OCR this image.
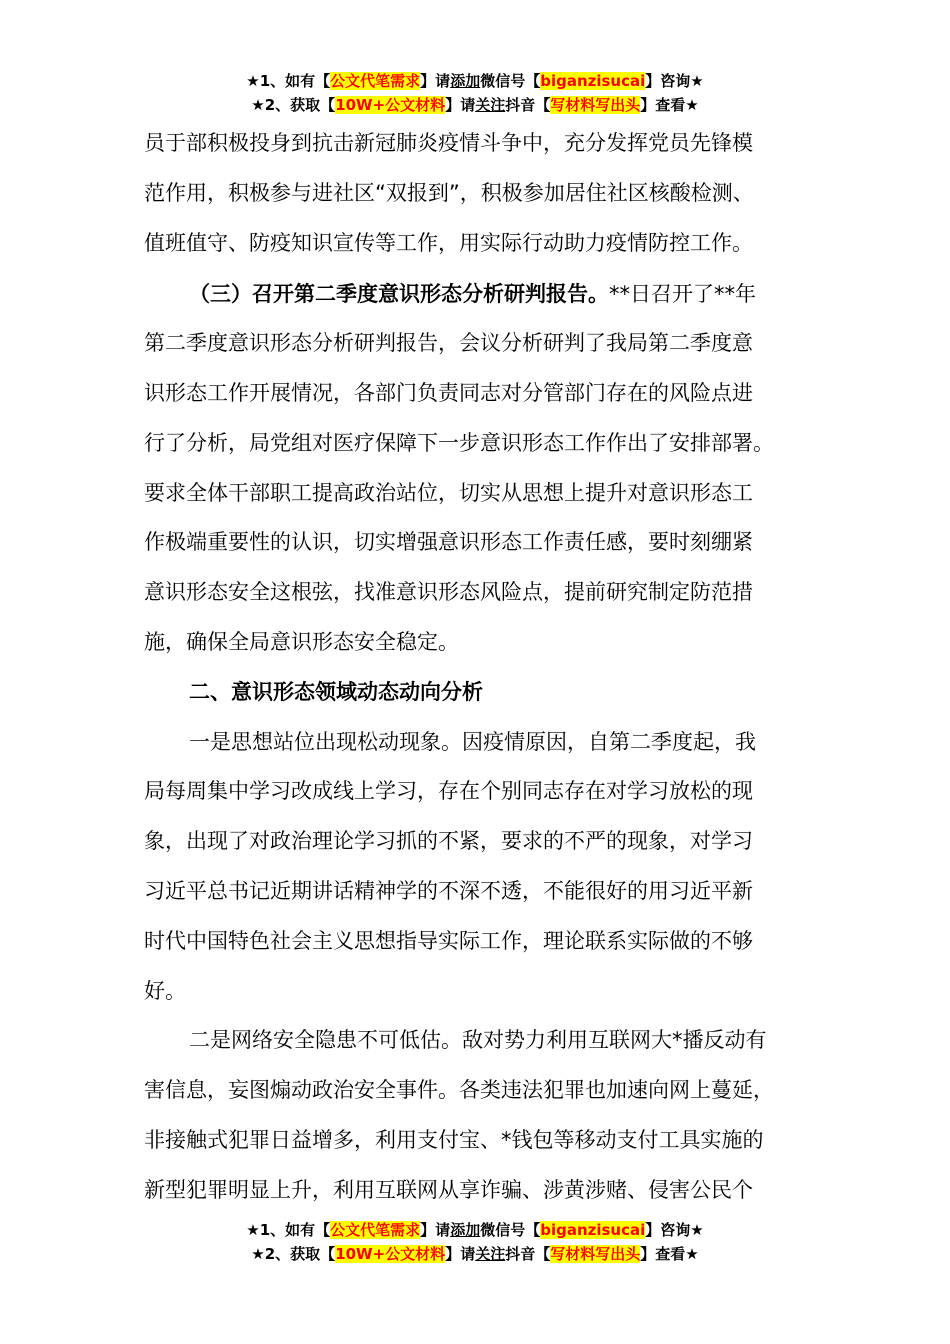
★1、如有【公文代笔需求】请添加微信号【biganzisucai】咨询★
★2、获取【10W+公文材料】请关注抖音【写材料写出头】查看★
员于部积极投身到抗击新冠肺炎疫情斗争中，充分发挥党员先锋模
范作用，积极参与进社区“双报到”，积极参加居住社区核酸检测、
值班值守、防疫知识宣传等工作，用实际行动助力疫情防控工作。
（三）召开第二季度意识形态分析研判报告。**日召开了**年
第二季度意识形态分析研判报告，会议分析研判了我局第二季度意
识形态工作开展情况，各部门负责同志对分管部门存在的风险点进
行了分析，局党组对医疗保障下一步意识形态工作作出了安排部署。
要求全体干部职工提高政治站位，切实从思想上提升对意识形态工
作极端重要性的认识，切实增强意识形态工作责任感，要时刻绷紧
意识形态安全这根弦，找准意识形态风险点，提前研究制定防范措
施，确保全局意识形态安全稳定。
二、意识形态领域动态动向分析
一是思想站位出现松动现象。因疫情原因，自第二季度起，我
局每周集中学习改成线上学习，存在个别同志存在对学习放松的现
象，出现了对政治理论学习抓的不紧，要求的不严的现象，对学习
习近平总书记近期讲话精神学的不深不透，不能很好的用习近平新
时代中国特色社会主义思想指导实际工作，理论联系实际做的不够
好。
二是网络安全隐患不可低估。敌对势力利用互联网大*播反动有
害信息，妄图煽动政治安全事件。各类违法犯罪也加速向网上蔓延，
非接触式犯罪日益增多，利用支付宝、*钱包等移动支付工具实施的
新型犯罪明显上升，利用互联网从享诈骗、涉黄涉赌、侵害公民个
★1、如有【公文代笔需求】请添加微信号【biganzisucai】咨询★
★2、获取【10W+公文材料】请关注抖音【写材料写出头】查看★
